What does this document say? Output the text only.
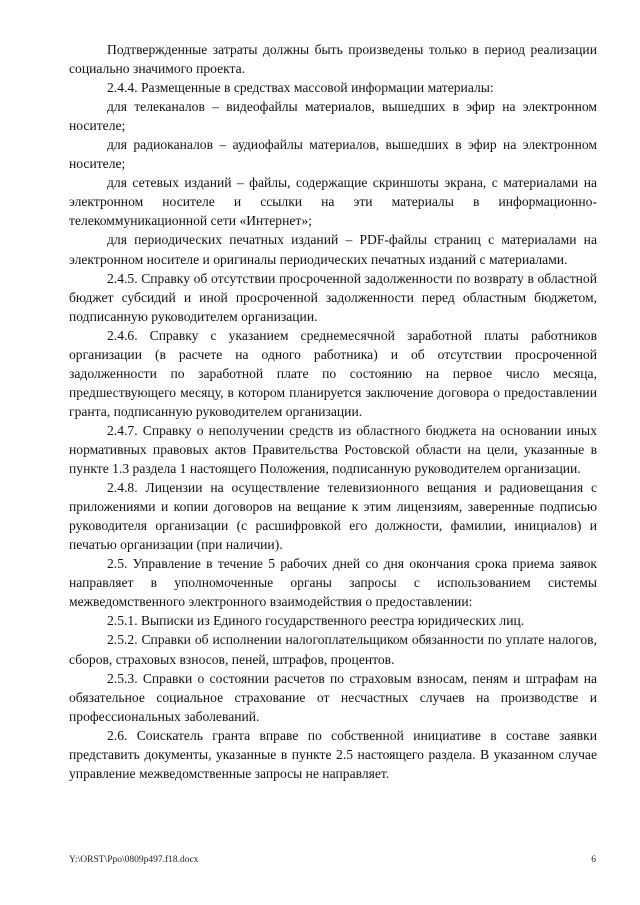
Подтвержденные затраты должны быть произведены только в период реализации социально значимого проекта.

2.4.4. Размещенные в средствах массовой информации материалы:

для телеканалов – видеофайлы материалов, вышедших в эфир на электронном носителе;

для радиоканалов – аудиофайлы материалов, вышедших в эфир на электронном носителе;

для сетевых изданий – файлы, содержащие скриншоты экрана, с материалами на электронном носителе и ссылки на эти материалы в информационно-телекоммуникационной сети «Интернет»;

для периодических печатных изданий – PDF-файлы страниц с материалами на электронном носителе и оригиналы периодических печатных изданий с материалами.

2.4.5. Справку об отсутствии просроченной задолженности по возврату в областной бюджет субсидий и иной просроченной задолженности перед областным бюджетом, подписанную руководителем организации.

2.4.6. Справку с указанием среднемесячной заработной платы работников организации (в расчете на одного работника) и об отсутствии просроченной задолженности по заработной плате по состоянию на первое число месяца, предшествующего месяцу, в котором планируется заключение договора о предоставлении гранта, подписанную руководителем организации.

2.4.7. Справку о неполучении средств из областного бюджета на основании иных нормативных правовых актов Правительства Ростовской области на цели, указанные в пункте 1.3 раздела 1 настоящего Положения, подписанную руководителем организации.

2.4.8. Лицензии на осуществление телевизионного вещания и радиовещания с приложениями и копии договоров на вещание к этим лицензиям, заверенные подписью руководителя организации (с расшифровкой его должности, фамилии, инициалов) и печатью организации (при наличии).

2.5. Управление в течение 5 рабочих дней со дня окончания срока приема заявок направляет в уполномоченные органы запросы с использованием системы межведомственного электронного взаимодействия о предоставлении:

2.5.1. Выписки из Единого государственного реестра юридических лиц.

2.5.2. Справки об исполнении налогоплательщиком обязанности по уплате налогов, сборов, страховых взносов, пеней, штрафов, процентов.

2.5.3. Справки о состоянии расчетов по страховым взносам, пеням и штрафам на обязательное социальное страхование от несчастных случаев на производстве и профессиональных заболеваний.

2.6. Соискатель гранта вправе по собственной инициативе в составе заявки представить документы, указанные в пункте 2.5 настоящего раздела. В указанном случае управление межведомственные запросы не направляет.

Y:\ORST\Ppo\0809p497.f18.docx	6
